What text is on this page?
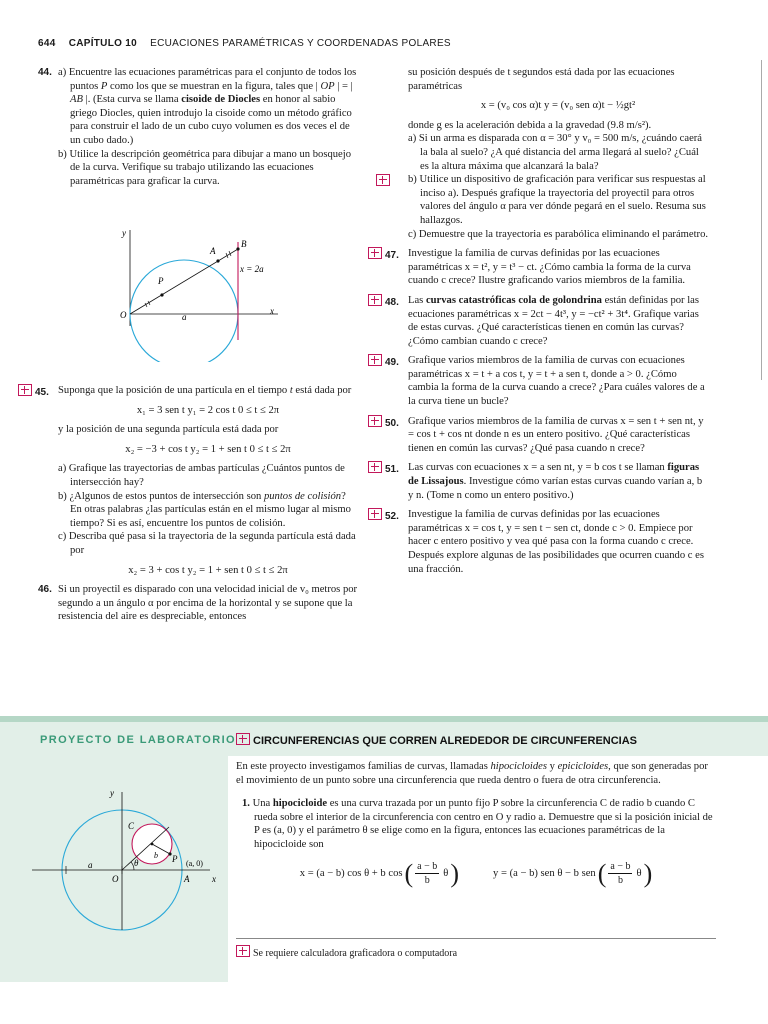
644 CAPÍTULO 10 ECUACIONES PARAMÉTRICAS Y COORDENADAS POLARES
44. a) Encuentre las ecuaciones paramétricas para el conjunto de todos los puntos P como los que se muestran en la figura, tales que | OP | = | AB |. (Esta curva se llama cisoide de Diocles en honor al sabio griego Diocles, quien introdujo la cisoide como un método gráfico para construir el lado de un cubo cuyo volumen es dos veces el de un cubo dado.)
b) Utilice la descripción geométrica para dibujar a mano un bosquejo de la curva. Verifique su trabajo utilizando las ecuaciones paramétricas para graficar la curva.
y
x
O	a
A
B
P
x = 2a
45. Suponga que la posición de una partícula en el tiempo t está dada por
x₁ = 3 sen t y₁ = 2 cos t 0 ≤ t ≤ 2π
y la posición de una segunda partícula está dada por
x₂ = −3 + cos t y₂ = 1 + sen t 0 ≤ t ≤ 2π
a) Grafique las trayectorias de ambas partículas ¿Cuántos puntos de intersección hay?
b) ¿Algunos de estos puntos de intersección son puntos de colisión? En otras palabras ¿las partículas están en el mismo lugar al mismo tiempo? Si es así, encuentre los puntos de colisión.
c) Describa qué pasa si la trayectoria de la segunda partícula está dada por
x₂ = 3 + cos t y₂ = 1 + sen t 0 ≤ t ≤ 2π
46. Si un proyectil es disparado con una velocidad inicial de v₀ metros por segundo a un ángulo α por encima de la horizontal y se supone que la resistencia del aire es despreciable, entonces
su posición después de t segundos está dada por las ecuaciones paramétricas
x = (v₀ cos α)t y = (v₀ sen α)t − ½gt²
donde g es la aceleración debida a la gravedad (9.8 m/s²).
a) Si un arma es disparada con α = 30° y v₀ = 500 m/s, ¿cuándo caerá la bala al suelo? ¿A qué distancia del arma llegará al suelo? ¿Cuál es la altura máxima que alcanzará la bala?
b) Utilice un dispositivo de graficación para verificar sus respuestas al inciso a). Después grafique la trayectoria del proyectil para otros valores del ángulo α para ver dónde pegará en el suelo. Resuma sus hallazgos.
c) Demuestre que la trayectoria es parabólica eliminando el parámetro.
47. Investigue la familia de curvas definidas por las ecuaciones paramétricas x = t², y = t³ − ct. ¿Cómo cambia la forma de la curva cuando c crece? Ilustre graficando varios miembros de la familia.
48. Las curvas catastróficas cola de golondrina están definidas por las ecuaciones paramétricas x = 2ct − 4t³, y = −ct² + 3t⁴. Grafique varias de estas curvas. ¿Qué características tienen en común las curvas? ¿Cómo cambian cuando c crece?
49. Grafique varios miembros de la familia de curvas con ecuaciones paramétricas x = t + a cos t, y = t + a sen t, donde a > 0. ¿Cómo cambia la forma de la curva cuando a crece? ¿Para cuáles valores de a la curva tiene un bucle?
50. Grafique varios miembros de la familia de curvas x = sen t + sen nt, y = cos t + cos nt donde n es un entero positivo. ¿Qué características tienen en común las curvas? ¿Qué pasa cuando n crece?
51. Las curvas con ecuaciones x = a sen nt, y = b cos t se llaman figuras de Lissajous. Investigue cómo varían estas curvas cuando varían a, b y n. (Tome n como un entero positivo.)
52. Investigue la familia de curvas definidas por las ecuaciones paramétricas x = cos t, y = sen t − sen ct, donde c > 0. Empiece por hacer c entero positivo y vea qué pasa con la forma cuando c crece. Después explore algunas de las posibilidades que ocurren cuando c es una fracción.
PROYECTO DE LABORATORIO	CIRCUNFERENCIAS QUE CORREN ALREDEDOR DE CIRCUNFERENCIAS
y
x
C
b P
θ
a
O	A
(a, 0)
En este proyecto investigamos familias de curvas, llamadas hipocicloides y epicicloides, que son generadas por el movimiento de un punto sobre una circunferencia que rueda dentro o fuera de otra circunferencia.
1. Una hipocicloide es una curva trazada por un punto fijo P sobre la circunferencia C de radio b cuando C rueda sobre el interior de la circunferencia con centro en O y radio a. Demuestre que si la posición inicial de P es (a, 0) y el parámetro θ se elige como en la figura, entonces las ecuaciones paramétricas de la hipocicloide son
x = (a − b) cos θ + b cos ( a − b
b
θ )	y = (a − b) sen θ − b sen ( a − b
b
θ )
Se requiere calculadora graficadora o computadora
